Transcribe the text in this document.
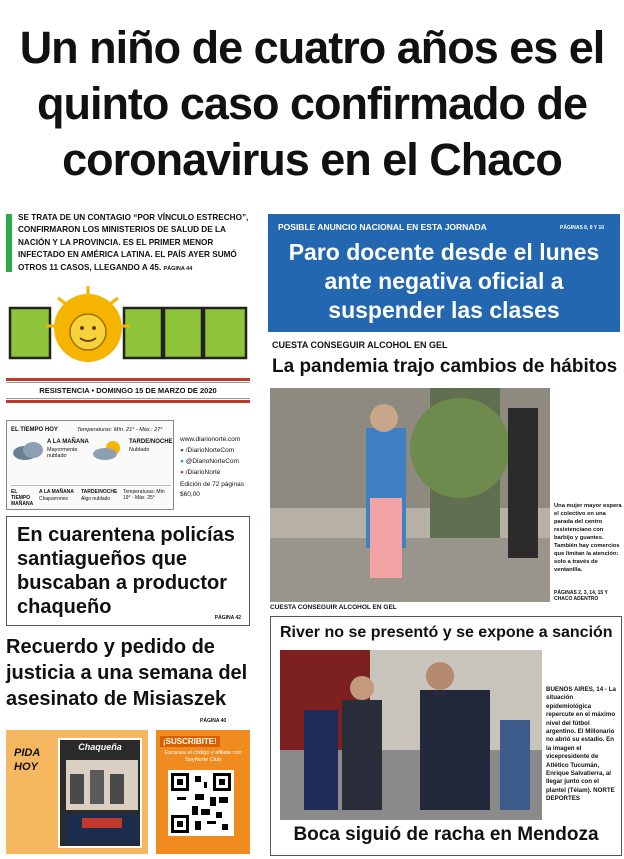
Un niño de cuatro años es el quinto caso confirmado de coronavirus en el Chaco
SE TRATA DE UN CONTAGIO “POR VÍNCULO ESTRECHO”, CONFIRMARON LOS MINISTERIOS DE SALUD DE LA NACIÓN Y LA PROVINCIA. ES EL PRIMER MENOR INFECTADO EN AMÉRICA LATINA. EL PAÍS AYER SUMÓ OTROS 11 CASOS, LLEGANDO A 45. PÁGINA 44
RESISTENCIA • DOMINGO 15 DE MARZO DE 2020
EL TIEMPO HOY	Temperaturas: Mín. 21° - Máx.: 27°
A LA MAÑANA
Mayormente nublado
TARDE/NOCHE
Nublado
EL TIEMPO MAÑANA
A LA MAÑANA
Chaparrones
TARDE/NOCHE
Algo nublado
Temperaturas: Mín 19° - Máx. 25°
www.diarionorte.com
● /DiarioNorteCom
● @DiarioNorteCom
● /DiarioNorte
Edición de 72 páginas
$60,00
En cuarentena policías santiagueños que buscaban a productor chaqueño	PÁGINA 42
Recuerdo y pedido de justicia a una semana del asesinato de Misiaszek
PÁGINA 40
PIDA HOY
Chaqueña
¡SUSCRIBITE!
Escanea el código y afiliate con SoyNorte Club
POSIBLE ANUNCIO NACIONAL EN ESTA JORNADA	PÁGINAS 8, 9 Y 10
Paro docente desde el lunes ante negativa oficial a suspender las clases
CUESTA CONSEGUIR ALCOHOL EN GEL
La pandemia trajo cambios de hábitos
Una mujer mayor espera el colectivo en una parada del centro resistenciano con barbijo y guantes. También hay comercios que limitan la atención: solo a través de ventanilla.
PÁGINAS 2, 3, 14, 15 Y CHACO ADENTRO
CUESTA CONSEGUIR ALCOHOL EN GEL
River no se presentó y se expone a sanción
BUENOS AIRES, 14 - La situación epidemiológica repercute en el máximo nivel del fútbol argentino. El Millonario no abrió su estadio. En la imagen el vicepresidente de Atlético Tucumán, Enrique Salvatierra, al llegar junto con el plantel (Télam). NORTE DEPORTES
Boca siguió de racha en Mendoza
